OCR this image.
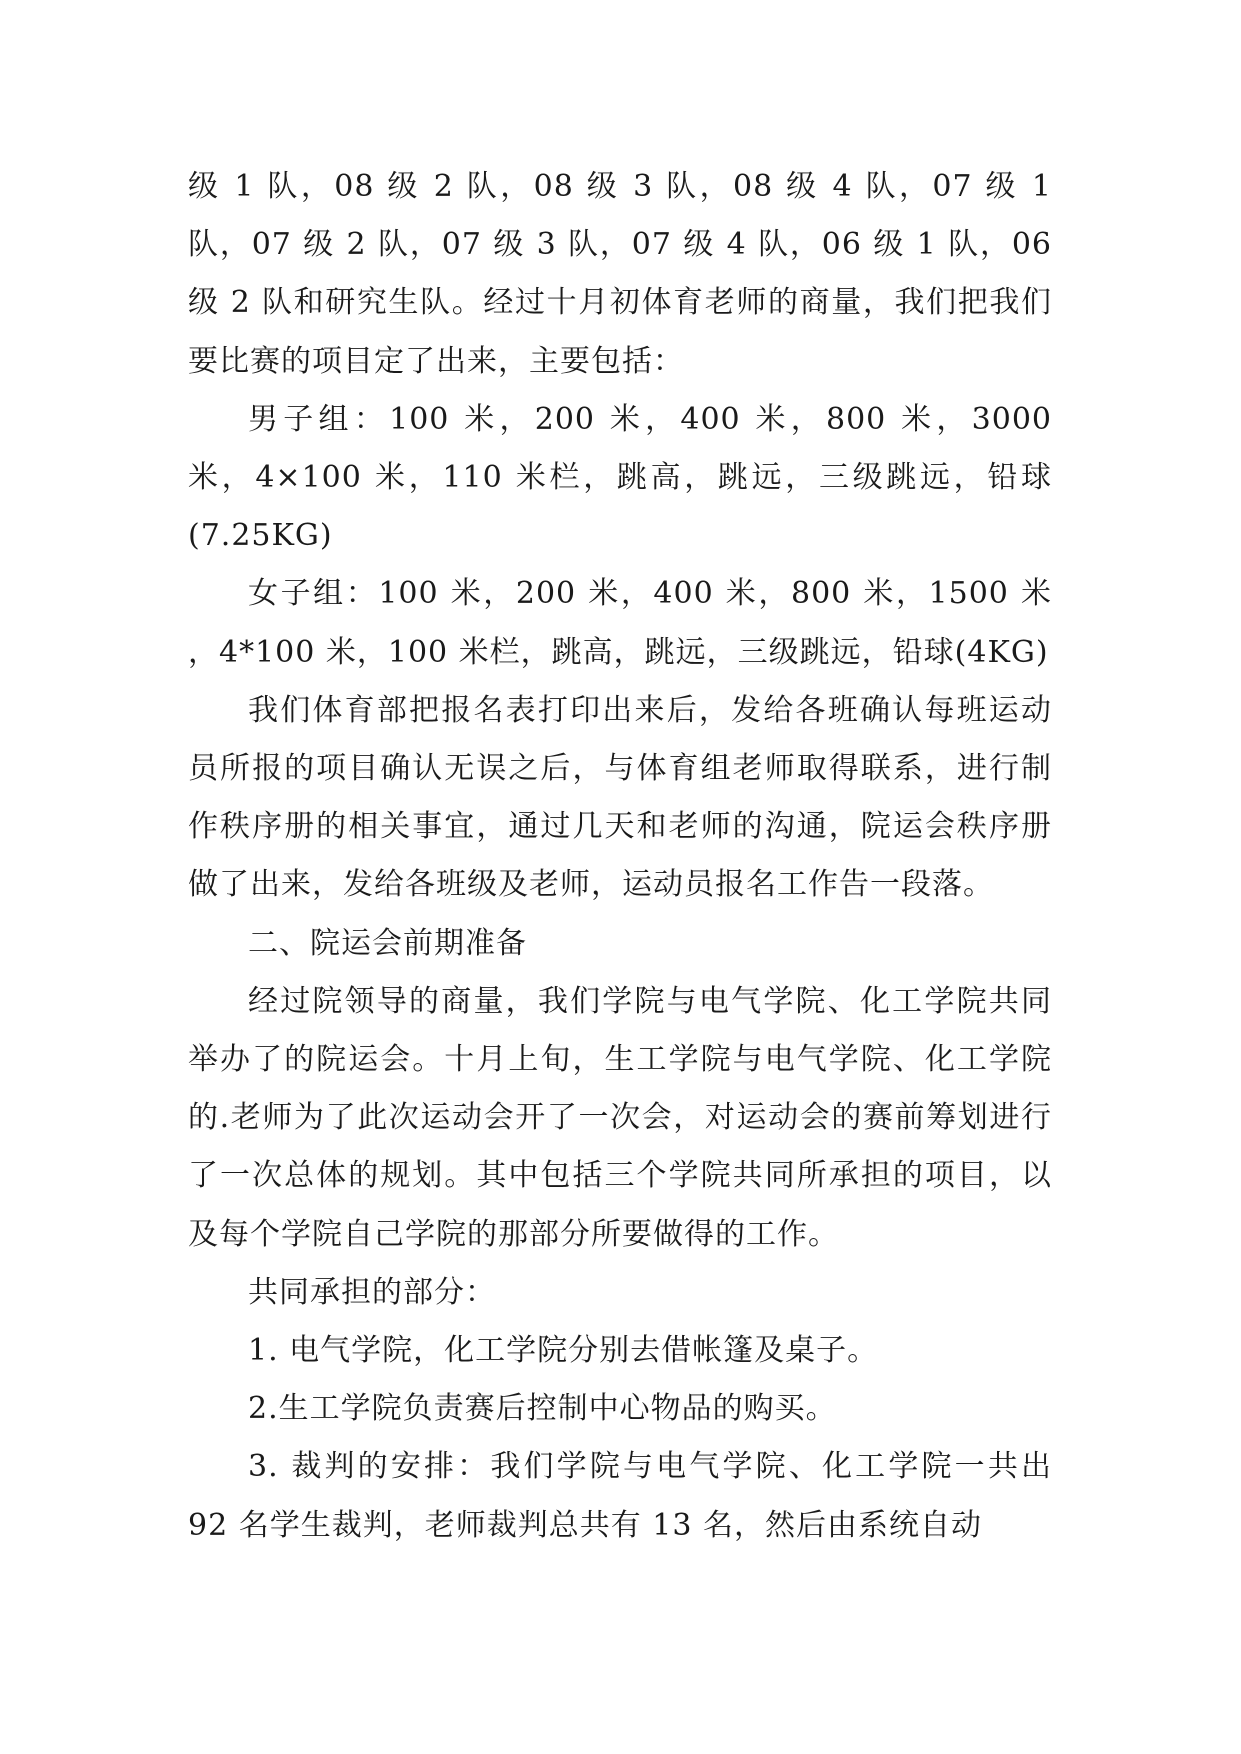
级 1 队，08 级 2 队，08 级 3 队，08 级 4 队，07 级 1 队，07 级 2 队，07 级 3 队，07 级 4 队，06 级 1 队，06 级 2 队和研究生队。经过十月初体育老师的商量，我们把我们要比赛的项目定了出来，主要包括：

男子组：100 米，200 米，400 米，800 米，3000 米，4×100 米，110 米栏，跳高，跳远，三级跳远，铅球(7.25KG)

女子组：100 米，200 米，400 米，800 米，1500 米 ，4*100 米，100 米栏，跳高，跳远，三级跳远，铅球(4KG)

我们体育部把报名表打印出来后，发给各班确认每班运动员所报的项目确认无误之后，与体育组老师取得联系，进行制作秩序册的相关事宜，通过几天和老师的沟通，院运会秩序册做了出来，发给各班级及老师，运动员报名工作告一段落。

二、院运会前期准备

经过院领导的商量，我们学院与电气学院、化工学院共同举办了的院运会。十月上旬，生工学院与电气学院、化工学院的.老师为了此次运动会开了一次会，对运动会的赛前筹划进行了一次总体的规划。其中包括三个学院共同所承担的项目，以及每个学院自己学院的那部分所要做得的工作。

共同承担的部分：

1. 电气学院，化工学院分别去借帐篷及桌子。

2.生工学院负责赛后控制中心物品的购买。

3. 裁判的安排：我们学院与电气学院、化工学院一共出 92 名学生裁判，老师裁判总共有 13 名，然后由系统自动
